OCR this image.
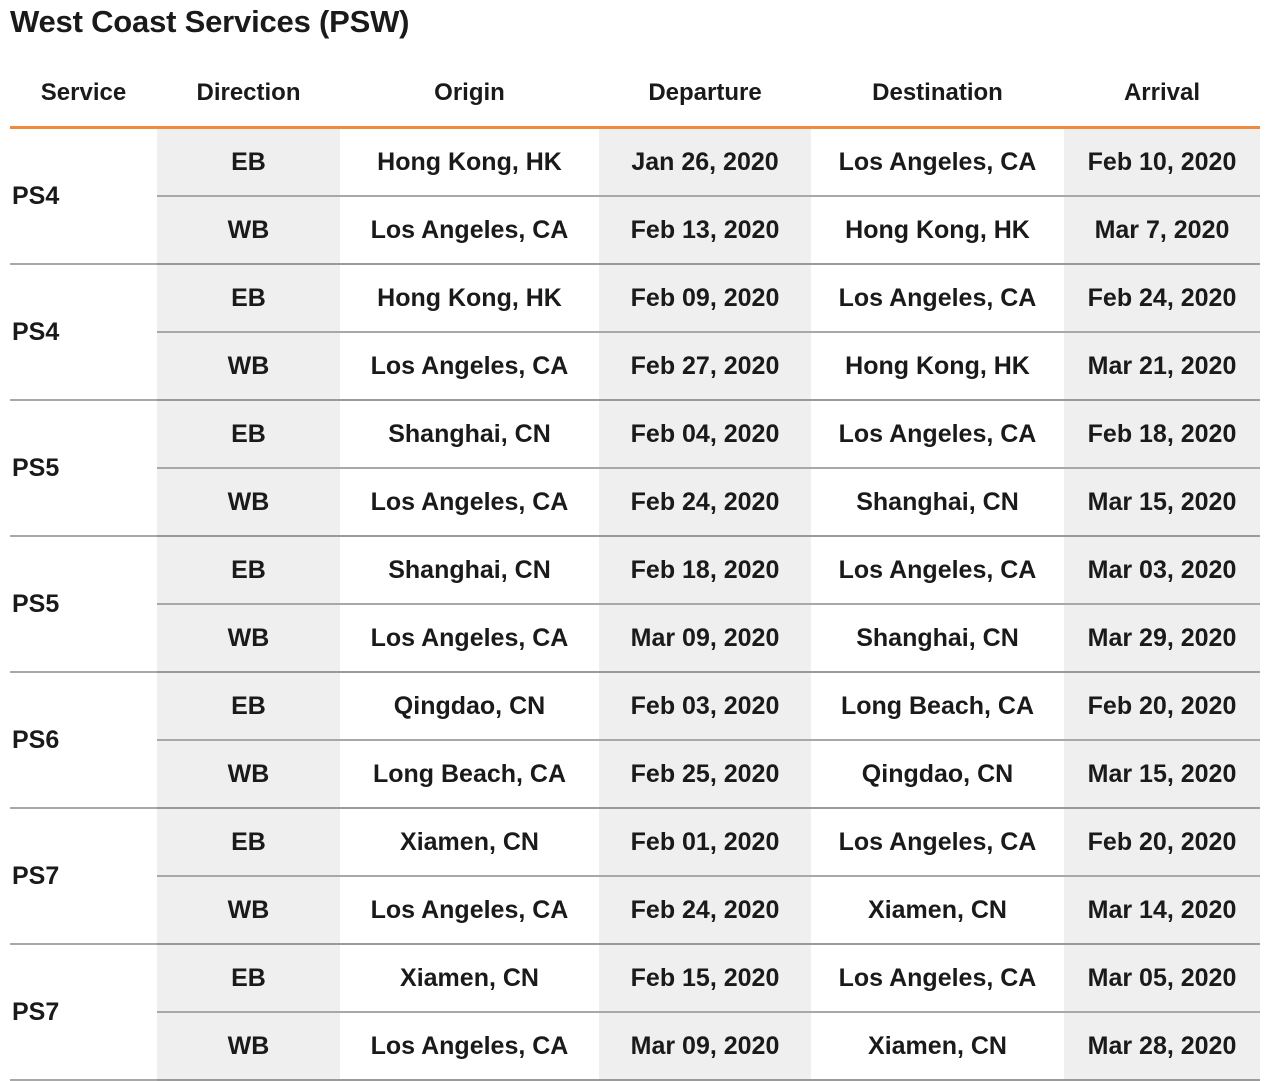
West Coast Services (PSW)
Service	Direction	Origin	Departure	Destination	Arrival
PS4	EB	Hong Kong, HK	Jan 26, 2020	Los Angeles, CA	Feb 10, 2020
	WB	Los Angeles, CA	Feb 13, 2020	Hong Kong, HK	Mar 7, 2020
PS4	EB	Hong Kong, HK	Feb 09, 2020	Los Angeles, CA	Feb 24, 2020
	WB	Los Angeles, CA	Feb 27, 2020	Hong Kong, HK	Mar 21, 2020
PS5	EB	Shanghai, CN	Feb 04, 2020	Los Angeles, CA	Feb 18, 2020
	WB	Los Angeles, CA	Feb 24, 2020	Shanghai, CN	Mar 15, 2020
PS5	EB	Shanghai, CN	Feb 18, 2020	Los Angeles, CA	Mar 03, 2020
	WB	Los Angeles, CA	Mar 09, 2020	Shanghai, CN	Mar 29, 2020
PS6	EB	Qingdao, CN	Feb 03, 2020	Long Beach, CA	Feb 20, 2020
	WB	Long Beach, CA	Feb 25, 2020	Qingdao, CN	Mar 15, 2020
PS7	EB	Xiamen, CN	Feb 01, 2020	Los Angeles, CA	Feb 20, 2020
	WB	Los Angeles, CA	Feb 24, 2020	Xiamen, CN	Mar 14, 2020
PS7	EB	Xiamen, CN	Feb 15, 2020	Los Angeles, CA	Mar 05, 2020
	WB	Los Angeles, CA	Mar 09, 2020	Xiamen, CN	Mar 28, 2020
